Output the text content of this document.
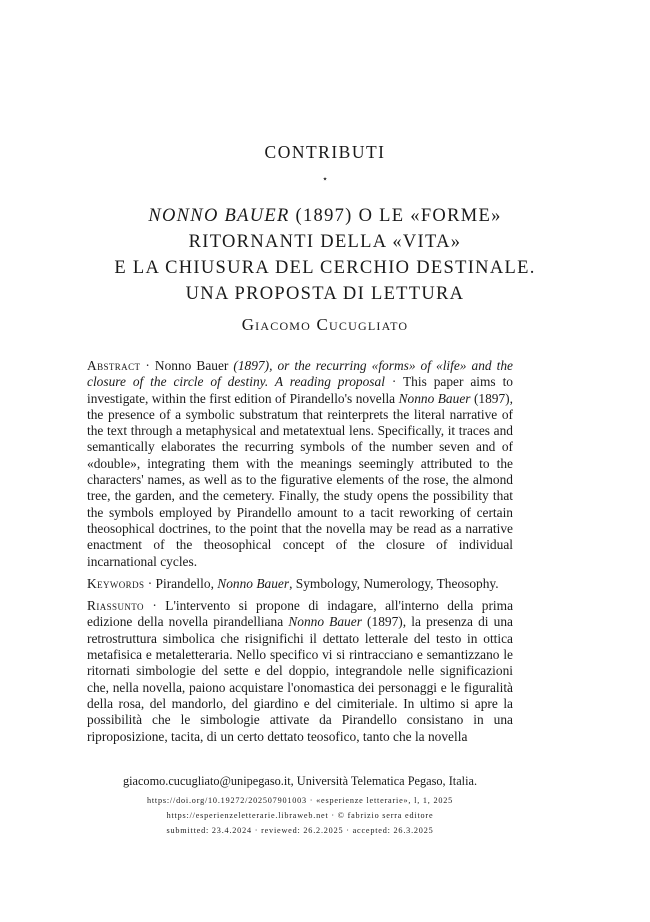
CONTRIBUTI
⋆
NONNO BAUER (1897) O LE «FORME»
RITORNANTI DELLA «VITA»
E LA CHIUSURA DEL CERCHIO DESTINALE.
UNA PROPOSTA DI LETTURA
Giacomo Cucugliato

Abstract · Nonno Bauer (1897), or the recurring «forms» of «life» and the closure of the circle of destiny. A reading proposal · This paper aims to investigate, within the first edition of Pirandello's novella Nonno Bauer (1897), the presence of a symbolic substratum that reinterprets the literal narrative of the text through a metaphysical and metatextual lens. Specifically, it traces and semantically elaborates the recurring symbols of the number seven and of «double», integrating them with the meanings seemingly attributed to the characters' names, as well as to the figurative elements of the rose, the almond tree, the garden, and the cemetery. Finally, the study opens the possibility that the symbols employed by Pirandello amount to a tacit reworking of certain theosophical doctrines, to the point that the novella may be read as a narrative enactment of the theosophical concept of the closure of individual incarnational cycles.

Keywords · Pirandello, Nonno Bauer, Symbology, Numerology, Theosophy.

Riassunto · L'intervento si propone di indagare, all'interno della prima edizione della novella pirandelliana Nonno Bauer (1897), la presenza di una retrostruttura simbolica che risignifichi il dettato letterale del testo in ottica metafisica e metaletteraria. Nello specifico vi si rintracciano e semantizzano le ritornati simbologie del sette e del doppio, integrandole nelle significazioni che, nella novella, paiono acquistare l'onomastica dei personaggi e le figuralità della rosa, del mandorlo, del giardino e del cimiteriale. In ultimo si apre la possibilità che le simbologie attivate da Pirandello consistano in una riproposizione, tacita, di un certo dettato teosofico, tanto che la novella

giacomo.cucugliato@unipegaso.it, Università Telematica Pegaso, Italia.
https://doi.org/10.19272/202507901003 · «esperienze letterarie», l, 1, 2025
https://esperienzeletterarie.libraweb.net · © fabrizio serra editore
submitted: 23.4.2024 · reviewed: 26.2.2025 · accepted: 26.3.2025
